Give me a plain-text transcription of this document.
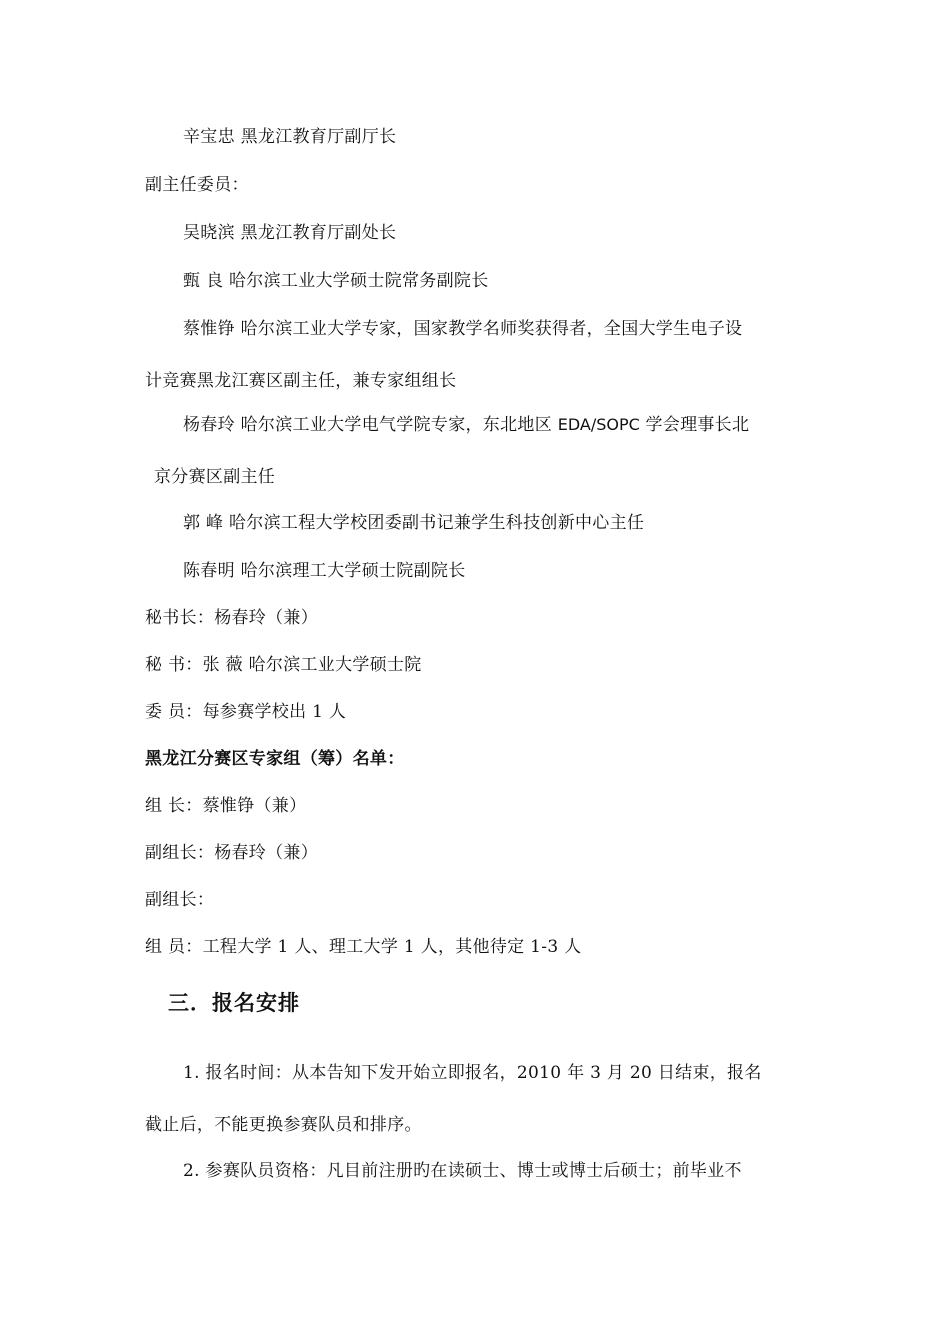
辛宝忠 黑龙江教育厅副厅长
副主任委员：
吴晓滨 黑龙江教育厅副处长
甄 良 哈尔滨工业大学硕士院常务副院长
蔡惟铮 哈尔滨工业大学专家，国家教学名师奖获得者，全国大学生电子设
计竞赛黑龙江赛区副主任，兼专家组组长
杨春玲 哈尔滨工业大学电气学院专家，东北地区 EDA/SOPC 学会理事长北
京分赛区副主任
郭 峰 哈尔滨工程大学校团委副书记兼学生科技创新中心主任
陈春明 哈尔滨理工大学硕士院副院长
秘书长：杨春玲（兼）
秘 书：张 薇 哈尔滨工业大学硕士院
委 员：每参赛学校出 1 人
黑龙江分赛区专家组（筹）名单：
组 长：蔡惟铮（兼）
副组长：杨春玲（兼）
副组长：
组 员：工程大学 1 人、理工大学 1 人，其他待定 1-3 人
三．报名安排
1. 报名时间：从本告知下发开始立即报名，2010 年 3 月 20 日结束，报名
截止后，不能更换参赛队员和排序。
2. 参赛队员资格：凡目前注册旳在读硕士、博士或博士后硕士；前毕业不
